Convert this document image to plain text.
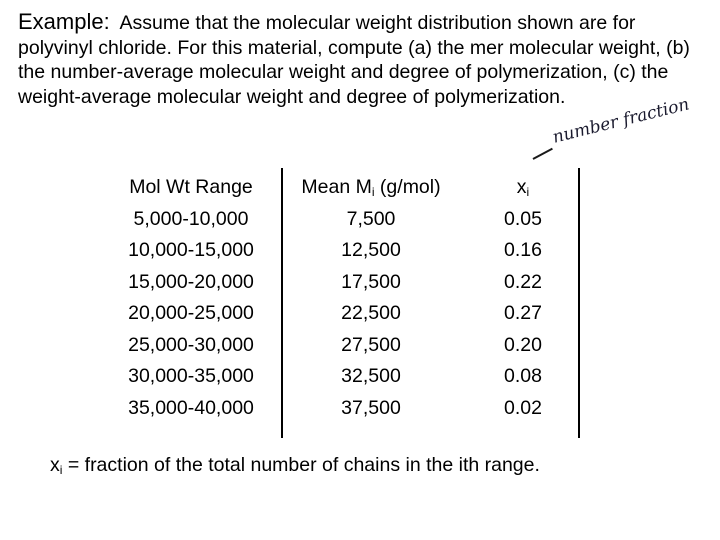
Example: Assume that the molecular weight distribution shown are for polyvinyl chloride. For this material, compute (a) the mer molecular weight, (b) the number-average molecular weight and degree of polymerization, (c) the weight-average molecular weight and degree of polymerization.

number fraction
Mol Wt Range
5,000-10,000
10,000-15,000
15,000-20,000
20,000-25,000
25,000-30,000
30,000-35,000
35,000-40,000
Mean $M_i$ (g/mol)
7,500
12,500
17,500
22,500
27,500
32,500
37,500
$x_i$
0.05
0.16
0.22
0.27
0.20
0.08
0.02
$x_i$ = fraction of the total number of chains in the ith range.
